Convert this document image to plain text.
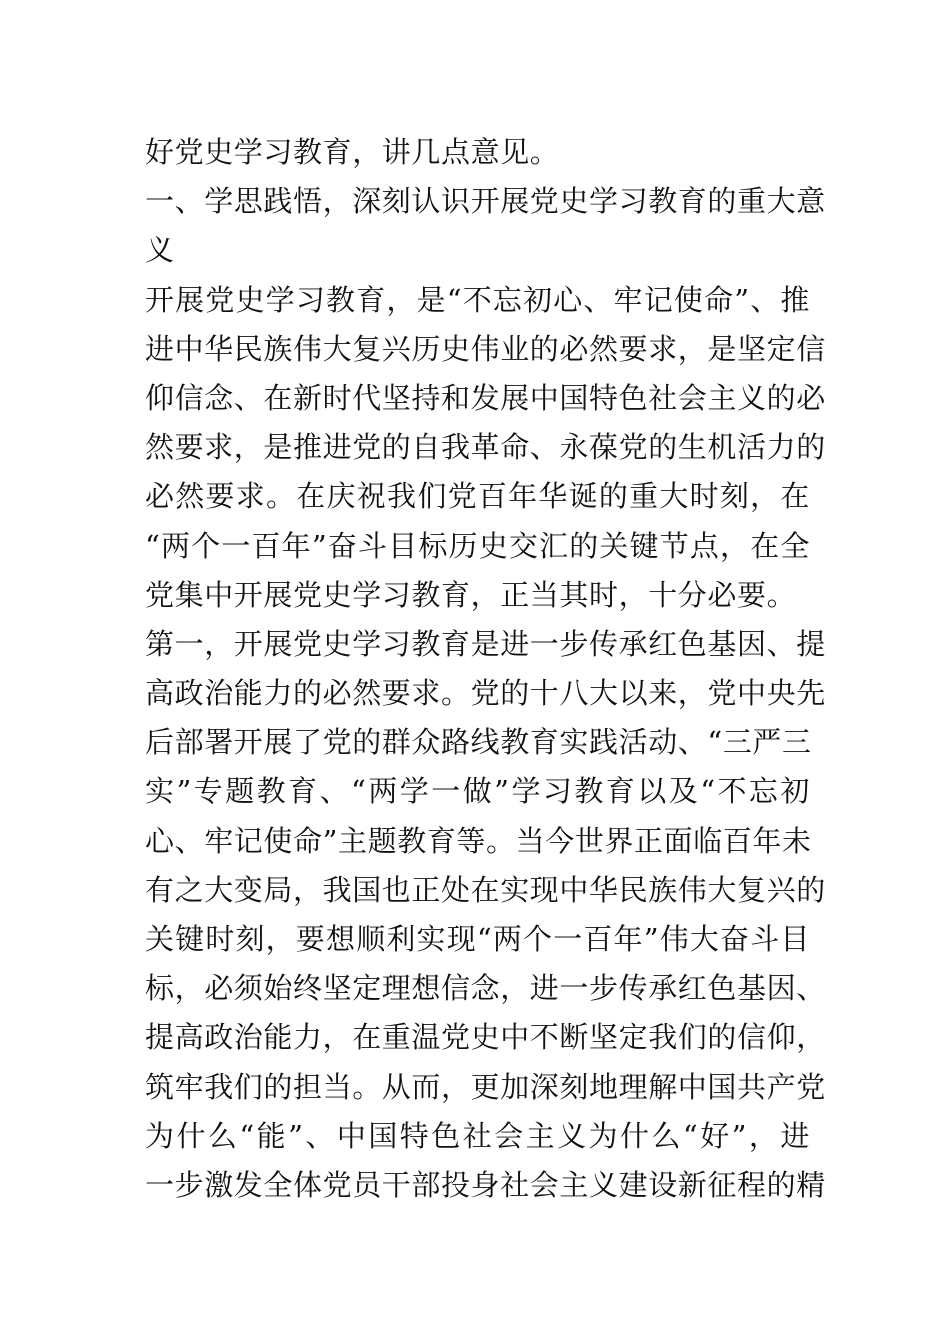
好党史学习教育，讲几点意见。
一、学思践悟，深刻认识开展党史学习教育的重大意
义
开展党史学习教育，是“不忘初心、牢记使命”、推
进中华民族伟大复兴历史伟业的必然要求，是坚定信
仰信念、在新时代坚持和发展中国特色社会主义的必
然要求，是推进党的自我革命、永葆党的生机活力的
必然要求。在庆祝我们党百年华诞的重大时刻，在
“两个一百年”奋斗目标历史交汇的关键节点，在全
党集中开展党史学习教育，正当其时，十分必要。
第一，开展党史学习教育是进一步传承红色基因、提
高政治能力的必然要求。党的十八大以来，党中央先
后部署开展了党的群众路线教育实践活动、“三严三
实”专题教育、“两学一做”学习教育以及“不忘初
心、牢记使命”主题教育等。当今世界正面临百年未
有之大变局，我国也正处在实现中华民族伟大复兴的
关键时刻，要想顺利实现“两个一百年”伟大奋斗目
标，必须始终坚定理想信念，进一步传承红色基因、
提高政治能力，在重温党史中不断坚定我们的信仰，
筑牢我们的担当。从而，更加深刻地理解中国共产党
为什么“能”、中国特色社会主义为什么“好”，进
一步激发全体党员干部投身社会主义建设新征程的精
